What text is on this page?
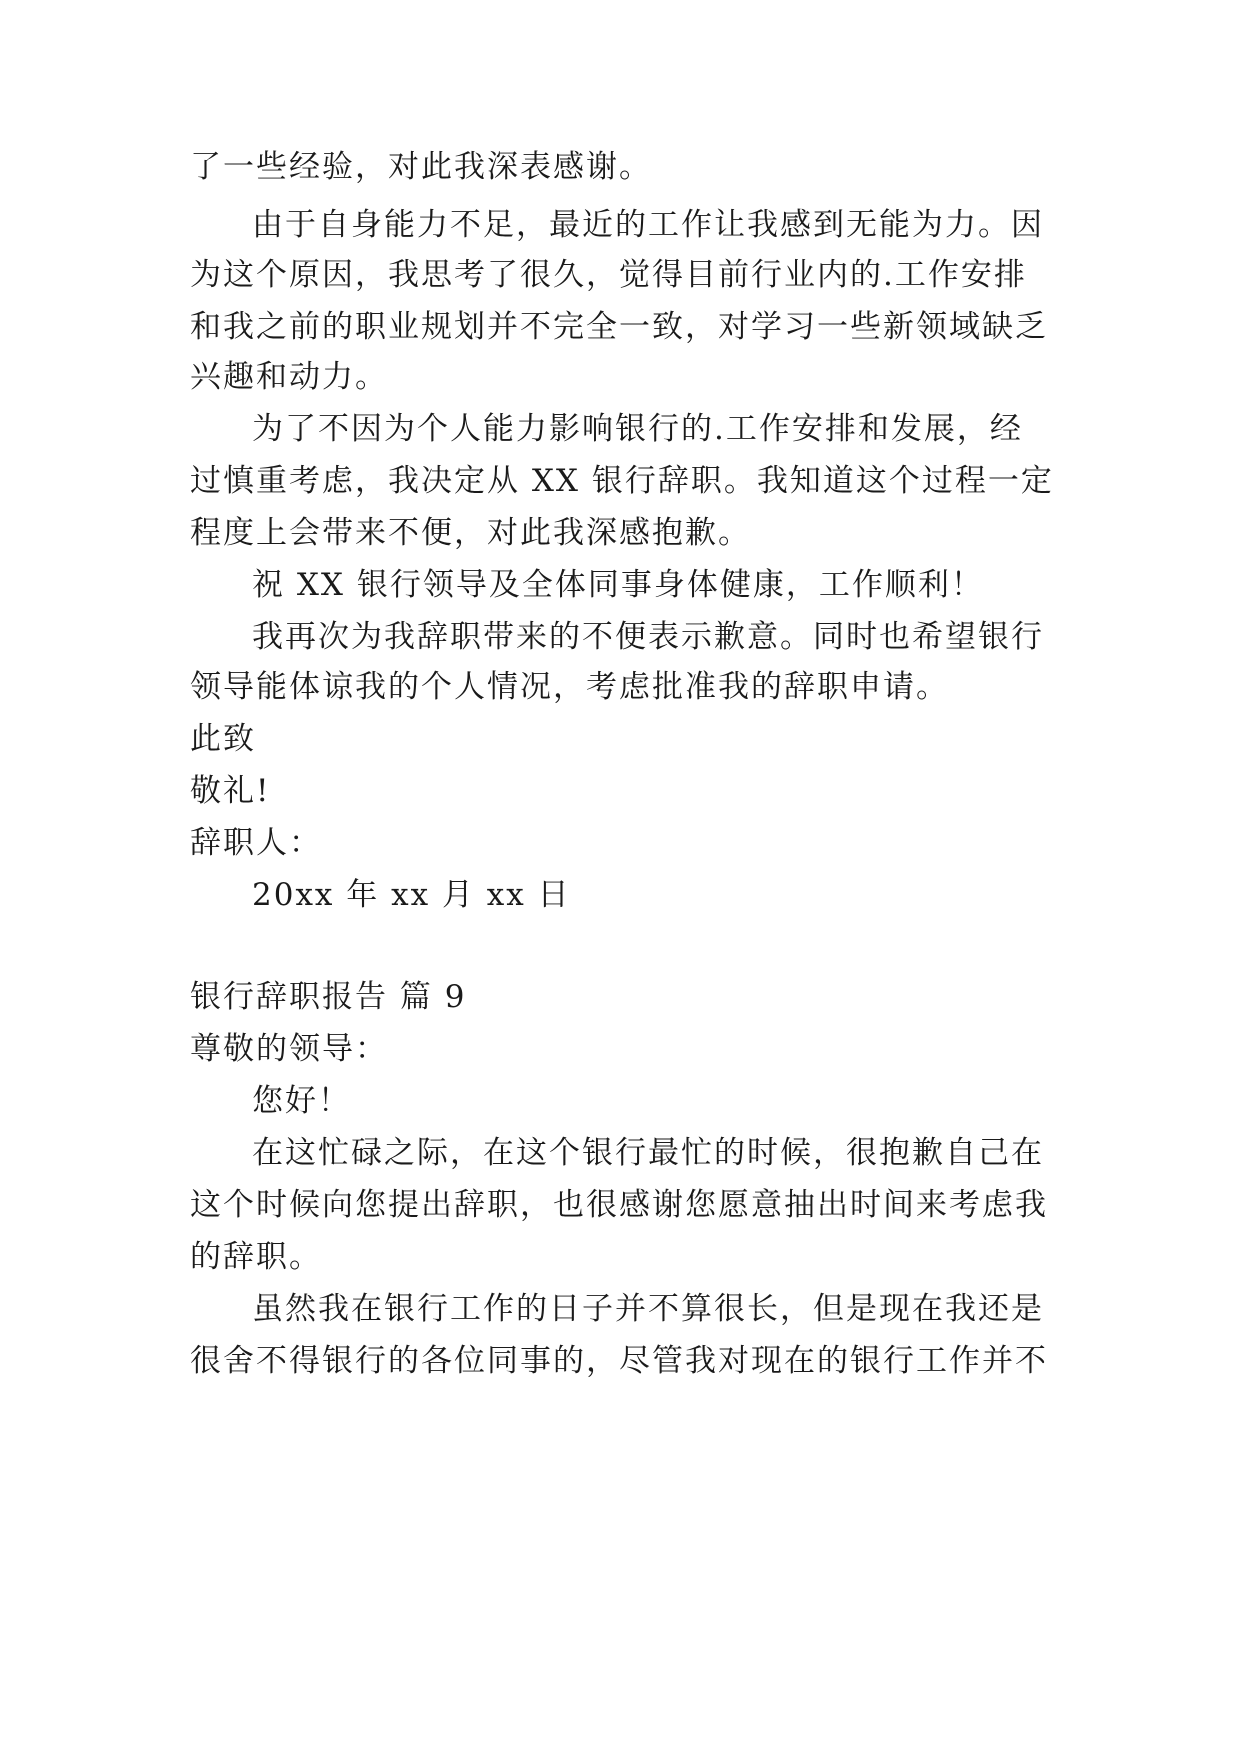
了一些经验，对此我深表感谢。
由于自身能力不足，最近的工作让我感到无能为力。因
为这个原因，我思考了很久，觉得目前行业内的.工作安排
和我之前的职业规划并不完全一致，对学习一些新领域缺乏
兴趣和动力。
为了不因为个人能力影响银行的.工作安排和发展，经
过慎重考虑，我决定从 XX 银行辞职。我知道这个过程一定
程度上会带来不便，对此我深感抱歉。
祝 XX 银行领导及全体同事身体健康，工作顺利！
我再次为我辞职带来的不便表示歉意。同时也希望银行
领导能体谅我的个人情况，考虑批准我的辞职申请。
此致
敬礼!
辞职人：
20xx 年 xx 月 xx 日
银行辞职报告 篇 9
尊敬的领导：
您好！
在这忙碌之际，在这个银行最忙的时候，很抱歉自己在
这个时候向您提出辞职，也很感谢您愿意抽出时间来考虑我
的辞职。
虽然我在银行工作的日子并不算很长，但是现在我还是
很舍不得银行的各位同事的，尽管我对现在的银行工作并不
